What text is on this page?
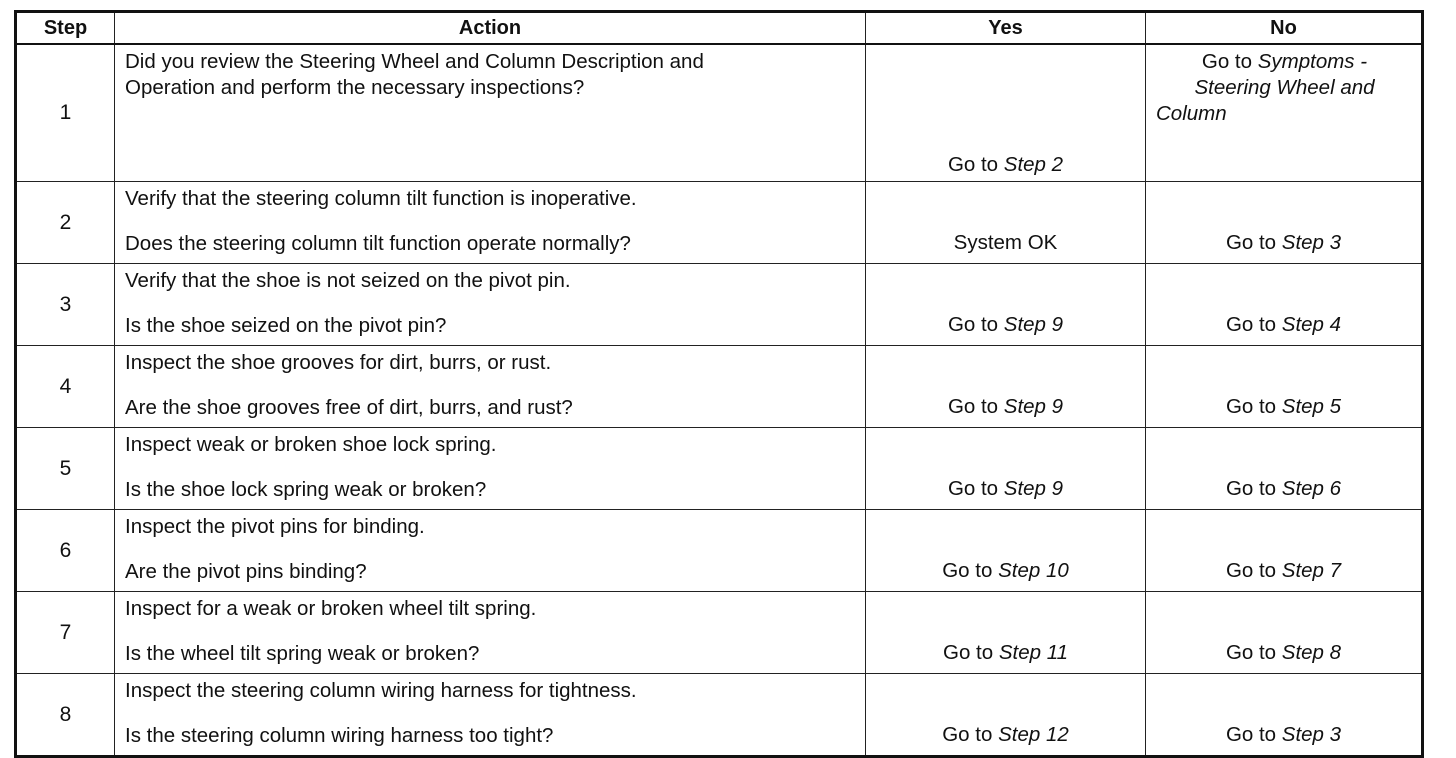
Step	Action	Yes	No
1	Did you review the Steering Wheel and Column Description and
Operation and perform the necessary inspections?	Go to Step 2	Go to Symptoms -
Steering Wheel and
Column

2	Verify that the steering column tilt function is inoperative.
Does the steering column tilt function operate normally?	System OK	Go to Step 3
3	Verify that the shoe is not seized on the pivot pin.
Is the shoe seized on the pivot pin?	Go to Step 9	Go to Step 4
4	Inspect the shoe grooves for dirt, burrs, or rust.
Are the shoe grooves free of dirt, burrs, and rust?	Go to Step 9	Go to Step 5
5	Inspect weak or broken shoe lock spring.
Is the shoe lock spring weak or broken?	Go to Step 9	Go to Step 6
6	Inspect the pivot pins for binding.
Are the pivot pins binding?	Go to Step 10	Go to Step 7
7	Inspect for a weak or broken wheel tilt spring.
Is the wheel tilt spring weak or broken?	Go to Step 11	Go to Step 8
8	Inspect the steering column wiring harness for tightness.
Is the steering column wiring harness too tight?	Go to Step 12	Go to Step 3
